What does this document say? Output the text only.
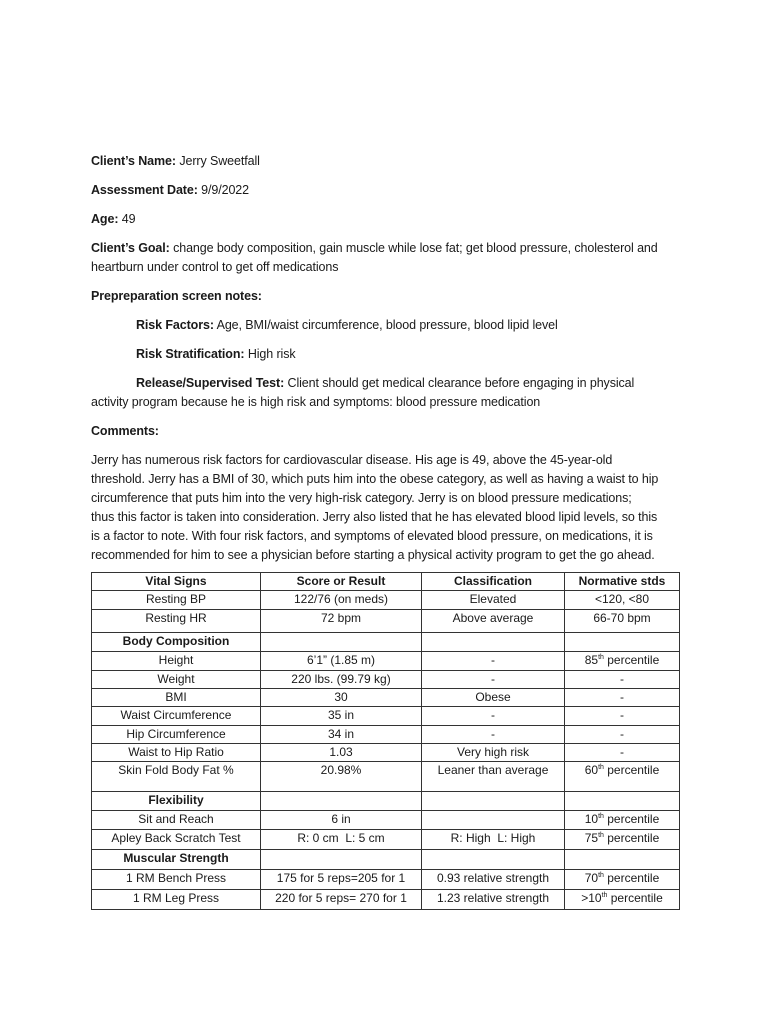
Client’s Name: Jerry Sweetfall
Assessment Date: 9/9/2022
Age: 49
Client’s Goal: change body composition, gain muscle while lose fat; get blood pressure, cholesterol and
heartburn under control to get off medications
Prepreparation screen notes:
Risk Factors: Age, BMI/waist circumference, blood pressure, blood lipid level
Risk Stratification: High risk
Release/Supervised Test: Client should get medical clearance before engaging in physical
activity program because he is high risk and symptoms: blood pressure medication
Comments:
Jerry has numerous risk factors for cardiovascular disease. His age is 49, above the 45-year-old
threshold. Jerry has a BMI of 30, which puts him into the obese category, as well as having a waist to hip
circumference that puts him into the very high-risk category. Jerry is on blood pressure medications;
thus this factor is taken into consideration. Jerry also listed that he has elevated blood lipid levels, so this
is a factor to note. With four risk factors, and symptoms of elevated blood pressure, on medications, it is
recommended for him to see a physician before starting a physical activity program to get the go ahead.
Vital Signs	Score or Result	Classification	Normative stds
Resting BP	122/76 (on meds)	Elevated	<120, <80
Resting HR	72 bpm	Above average	66-70 bpm
Body Composition			
Height	6’1” (1.85 m)	-	85th percentile
Weight	220 lbs. (99.79 kg)	-	-
BMI	30	Obese	-
Waist Circumference	35 in	-	-
Hip Circumference	34 in	-	-
Waist to Hip Ratio	1.03	Very high risk	-
Skin Fold Body Fat %	20.98%	Leaner than average	60th percentile
Flexibility			
Sit and Reach	6 in		10th percentile
Apley Back Scratch Test	R: 0 cm  L: 5 cm	R: High  L: High	75th percentile
Muscular Strength			
1 RM Bench Press	175 for 5 reps=205 for 1	0.93 relative strength	70th percentile
1 RM Leg Press	220 for 5 reps= 270 for 1	1.23 relative strength	>10th percentile
